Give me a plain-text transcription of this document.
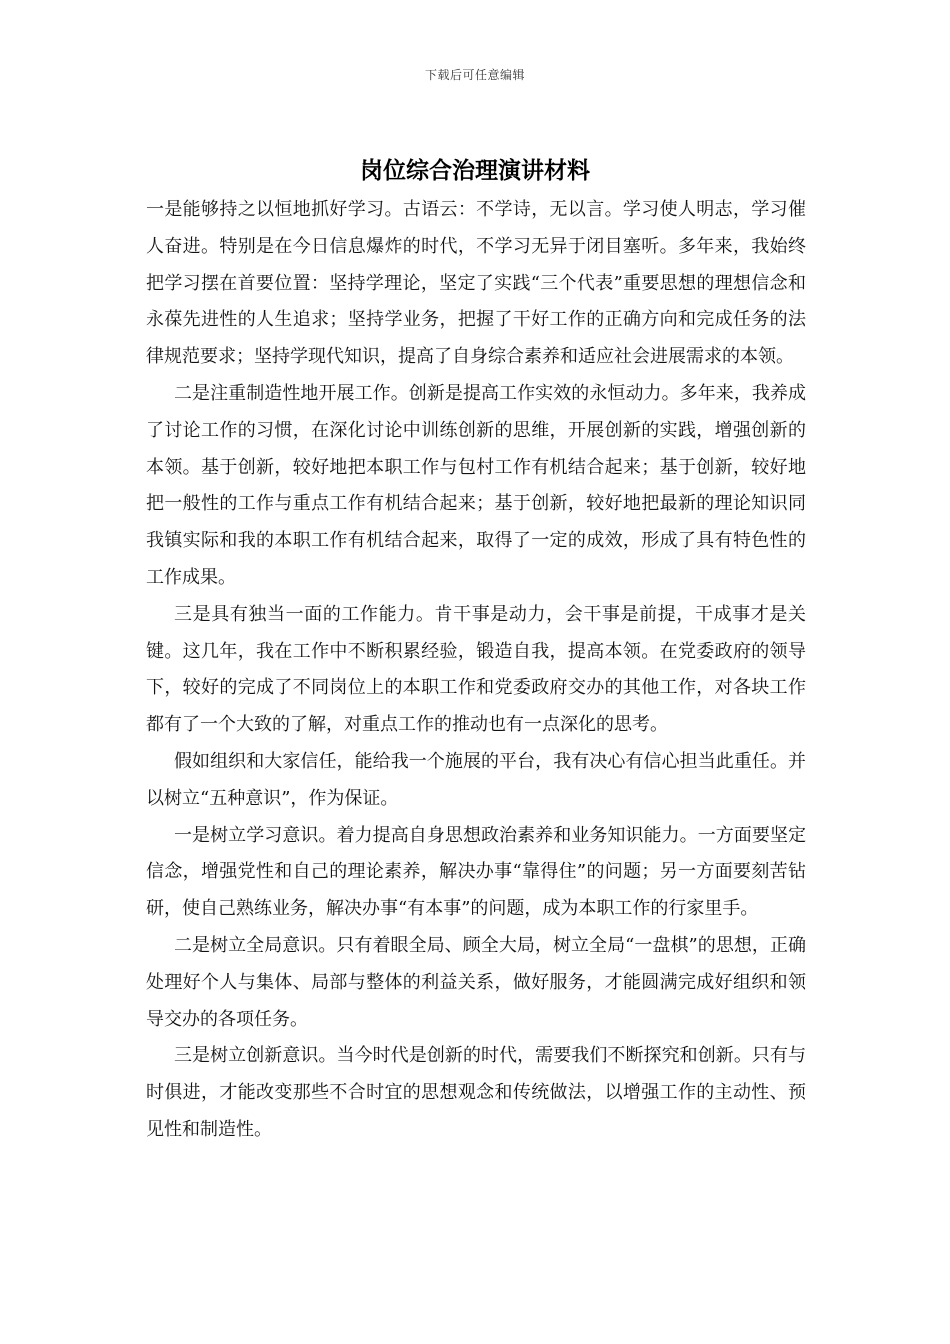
下载后可任意编辑
岗位综合治理演讲材料

一是能够持之以恒地抓好学习。古语云：不学诗，无以言。学习使人明志，学习催人奋进。特别是在今日信息爆炸的时代，不学习无异于闭目塞听。多年来，我始终把学习摆在首要位置：坚持学理论，坚定了实践“三个代表”重要思想的理想信念和永葆先进性的人生追求；坚持学业务，把握了干好工作的正确方向和完成任务的法律规范要求；坚持学现代知识，提高了自身综合素养和适应社会进展需求的本领。

二是注重制造性地开展工作。创新是提高工作实效的永恒动力。多年来，我养成了讨论工作的习惯，在深化讨论中训练创新的思维，开展创新的实践，增强创新的本领。基于创新，较好地把本职工作与包村工作有机结合起来；基于创新，较好地把一般性的工作与重点工作有机结合起来；基于创新，较好地把最新的理论知识同我镇实际和我的本职工作有机结合起来，取得了一定的成效，形成了具有特色性的工作成果。

三是具有独当一面的工作能力。肯干事是动力，会干事是前提，干成事才是关键。这几年，我在工作中不断积累经验，锻造自我，提高本领。在党委政府的领导下，较好的完成了不同岗位上的本职工作和党委政府交办的其他工作，对各块工作都有了一个大致的了解，对重点工作的推动也有一点深化的思考。

假如组织和大家信任，能给我一个施展的平台，我有决心有信心担当此重任。并以树立“五种意识”，作为保证。

一是树立学习意识。着力提高自身思想政治素养和业务知识能力。一方面要坚定信念，增强党性和自己的理论素养，解决办事“靠得住”的问题；另一方面要刻苦钻研，使自己熟练业务，解决办事“有本事”的问题，成为本职工作的行家里手。

二是树立全局意识。只有着眼全局、顾全大局，树立全局“一盘棋”的思想，正确处理好个人与集体、局部与整体的利益关系，做好服务，才能圆满完成好组织和领导交办的各项任务。

三是树立创新意识。当今时代是创新的时代，需要我们不断探究和创新。只有与时俱进，才能改变那些不合时宜的思想观念和传统做法，以增强工作的主动性、预见性和制造性。
